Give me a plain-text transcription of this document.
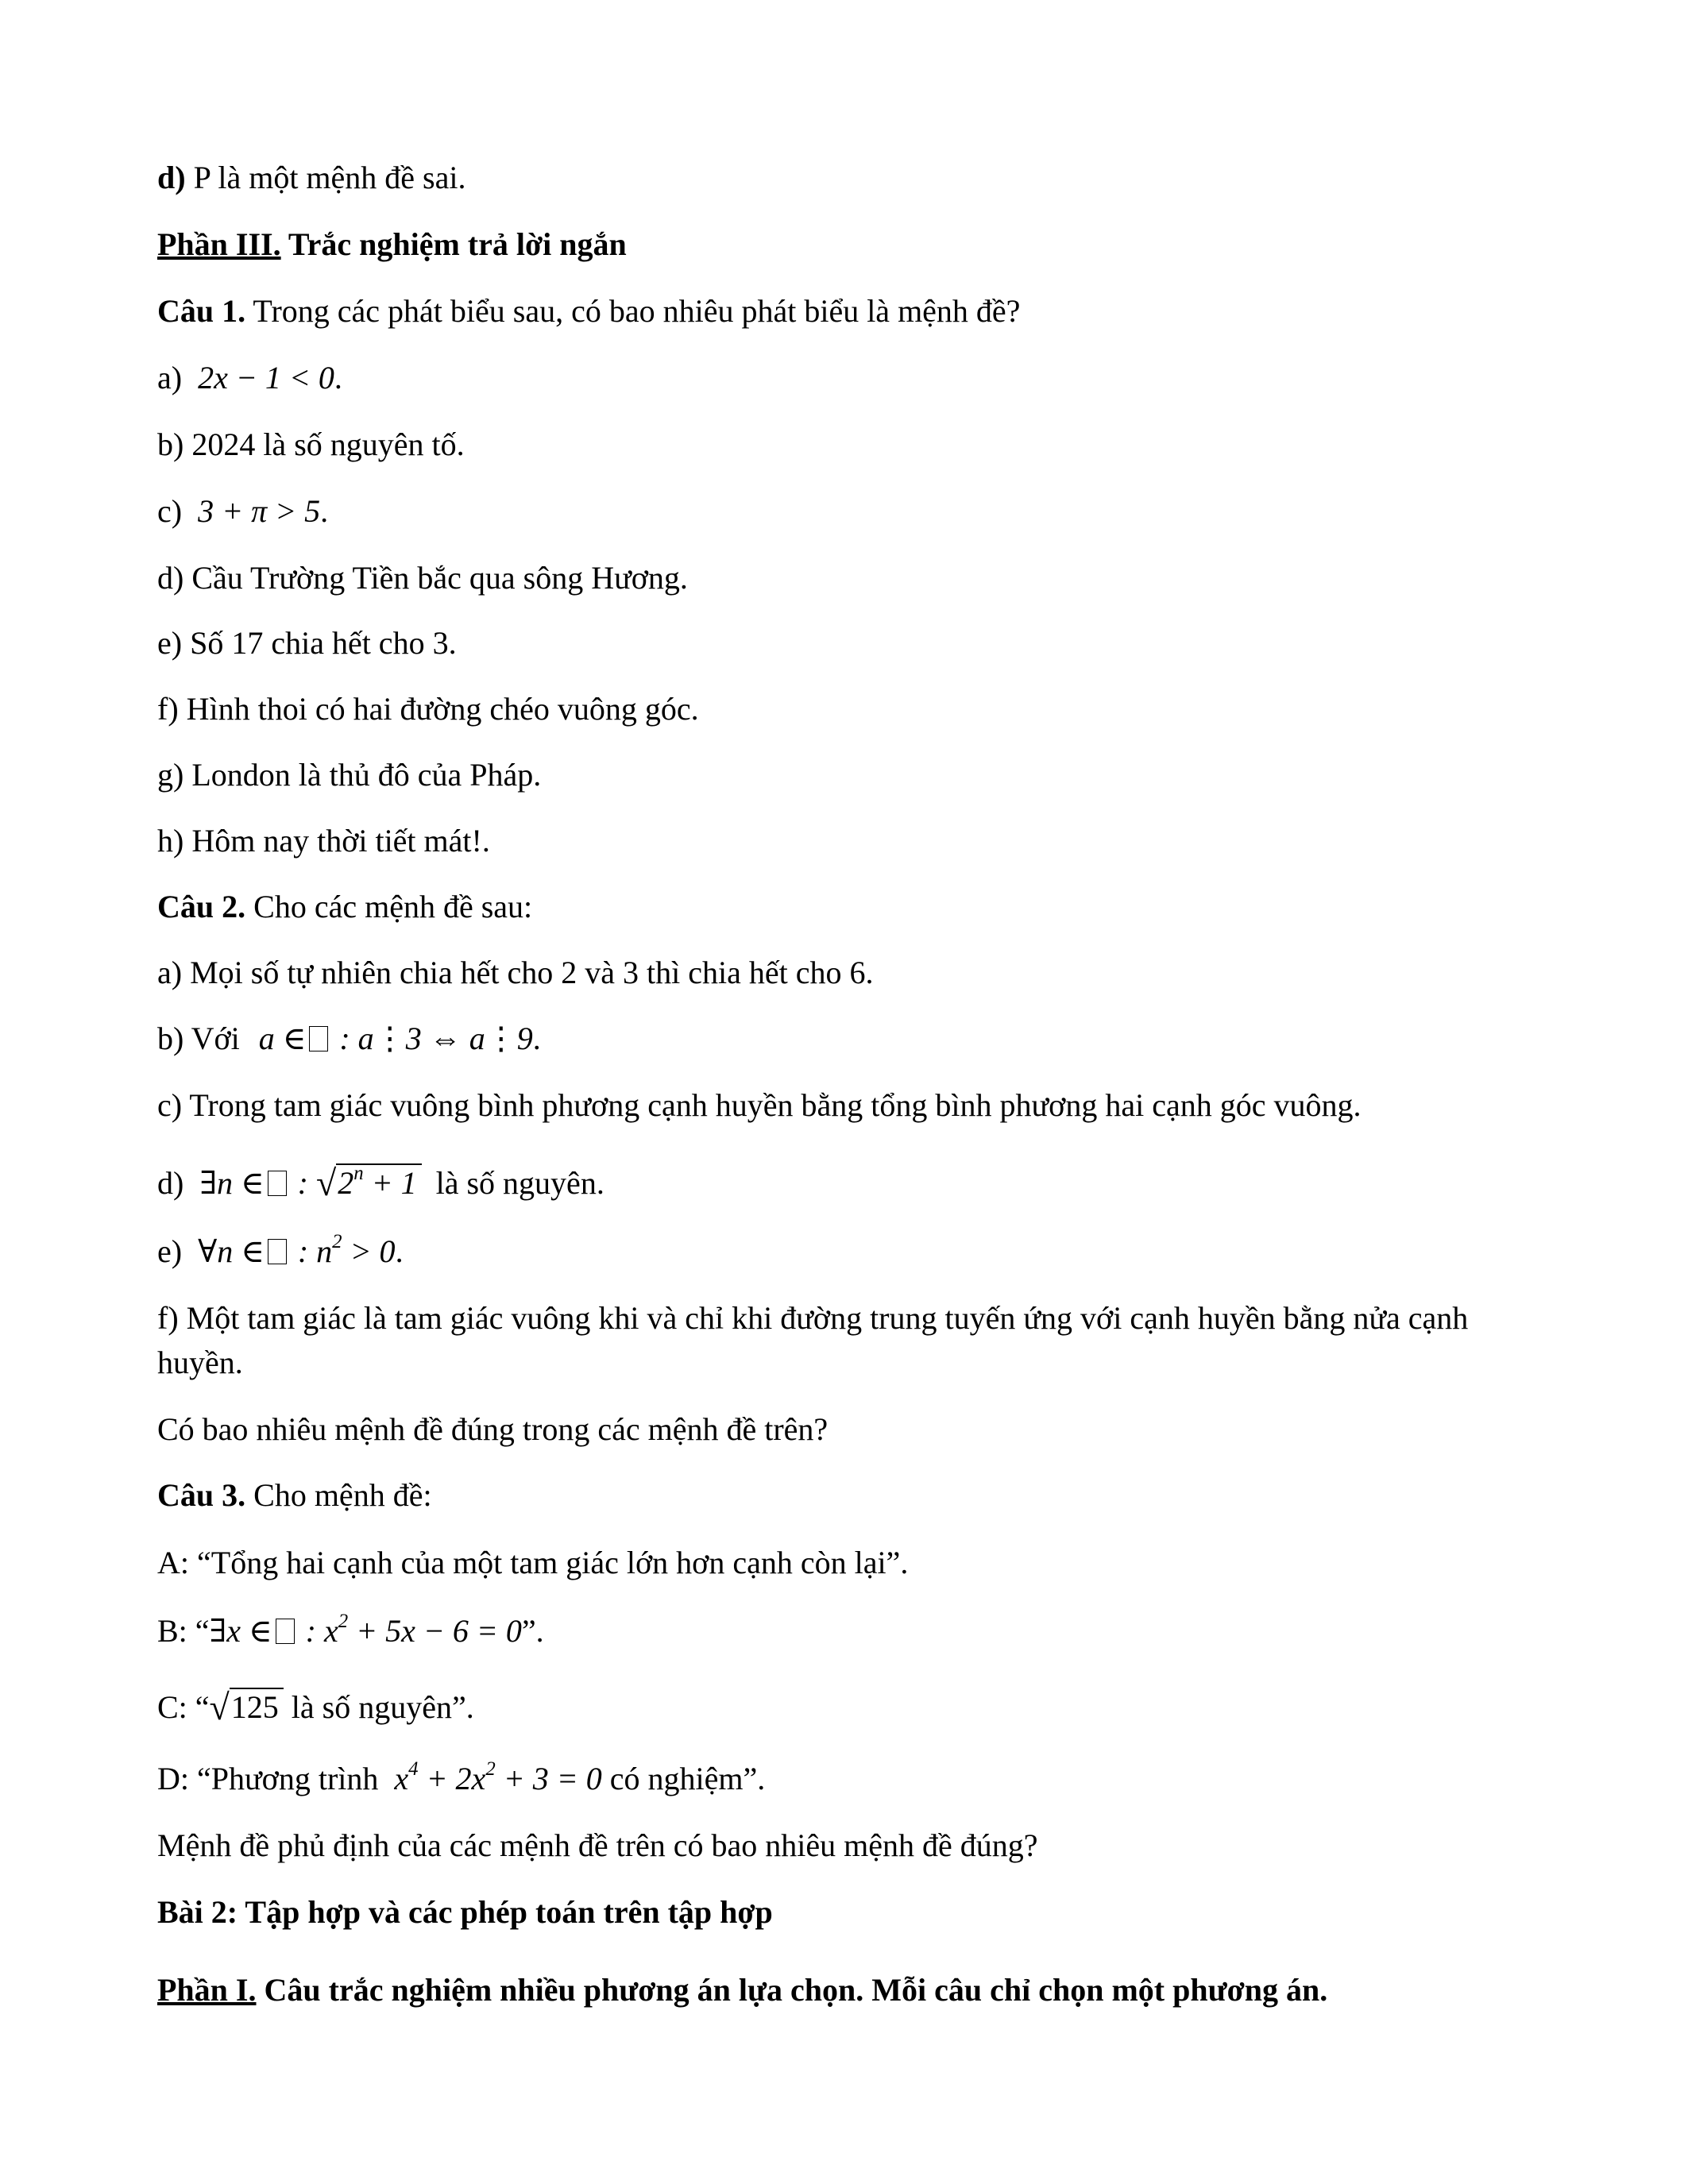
d) P là một mệnh đề sai.
Phần III. Trắc nghiệm trả lời ngắn
Câu 1. Trong các phát biểu sau, có bao nhiêu phát biểu là mệnh đề?
a) 2x − 1 < 0.
b) 2024 là số nguyên tố.
c) 3 + π > 5.
d) Cầu Trường Tiền bắc qua sông Hương.
e) Số 17 chia hết cho 3.
f) Hình thoi có hai đường chéo vuông góc.
g) London là thủ đô của Pháp.
h) Hôm nay thời tiết mát!.
Câu 2. Cho các mệnh đề sau:
a) Mọi số tự nhiên chia hết cho 2 và 3 thì chia hết cho 6.
b) Với a ∈ : a⋮3 ⇔ a⋮9.
c) Trong tam giác vuông bình phương cạnh huyền bằng tổng bình phương hai cạnh góc vuông.
d) ∃n ∈ : $√2^n + 1$ là số nguyên.
e) ∀n ∈ : $n^2 > 0$.
f) Một tam giác là tam giác vuông khi và chỉ khi đường trung tuyến ứng với cạnh huyền bằng nửa cạnh
huyền.
Có bao nhiêu mệnh đề đúng trong các mệnh đề trên?
Câu 3. Cho mệnh đề:
A: “Tổng hai cạnh của một tam giác lớn hơn cạnh còn lại”.
B: “∃x ∈ : $x^2 + 5x - 6 = 0$”.
C: “√125 là số nguyên”.
D: “Phương trình $x^4 + 2x^2 + 3 = 0$ có nghiệm”.
Mệnh đề phủ định của các mệnh đề trên có bao nhiêu mệnh đề đúng?
Bài 2: Tập hợp và các phép toán trên tập hợp
Phần I. Câu trắc nghiệm nhiều phương án lựa chọn. Mỗi câu chỉ chọn một phương án.
